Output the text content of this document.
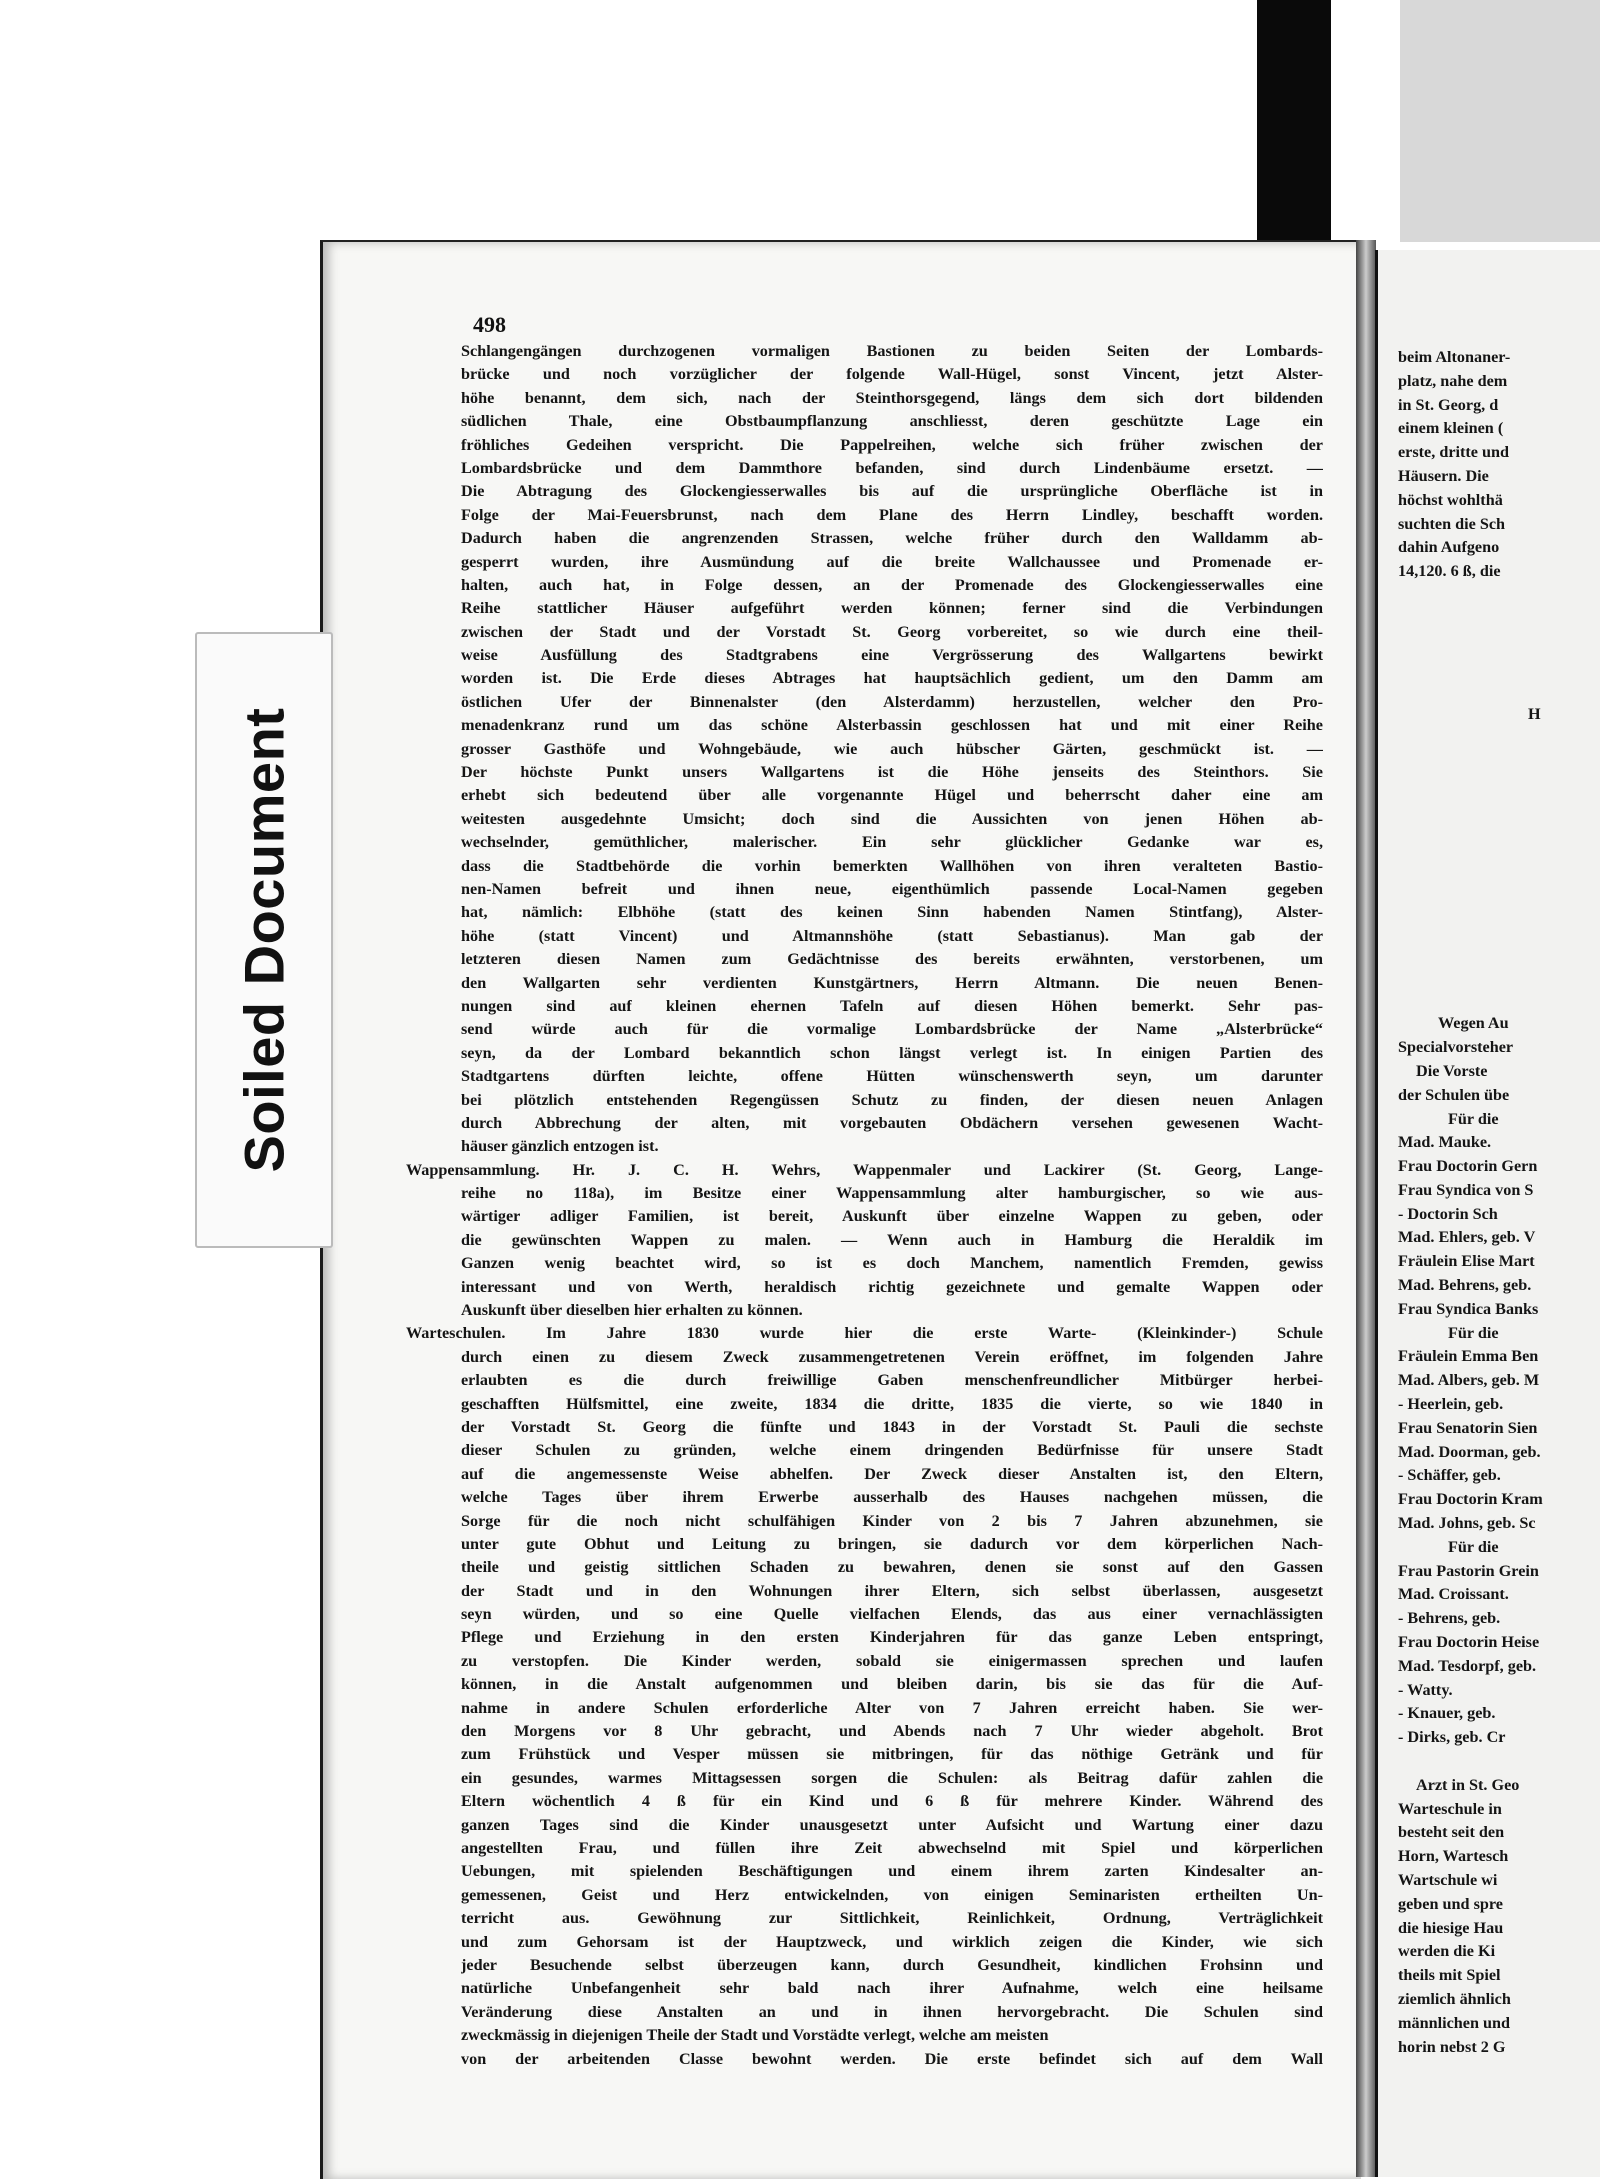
498
Schlangengängen durchzogenen vormaligen Bastionen zu beiden Seiten der Lombards-
brücke und noch vorzüglicher der folgende Wall-Hügel, sonst Vincent, jetzt Alster-
höhe benannt, dem sich, nach der Steinthorsgegend, längs dem sich dort bildenden
südlichen Thale, eine Obstbaumpflanzung anschliesst, deren geschützte Lage ein
fröhliches Gedeihen verspricht. Die Pappelreihen, welche sich früher zwischen der
Lombardsbrücke und dem Dammthore befanden, sind durch Lindenbäume ersetzt. —
Die Abtragung des Glockengiesserwalles bis auf die ursprüngliche Oberfläche ist in
Folge der Mai-Feuersbrunst, nach dem Plane des Herrn Lindley, beschafft worden.
Dadurch haben die angrenzenden Strassen, welche früher durch den Walldamm ab-
gesperrt wurden, ihre Ausmündung auf die breite Wallchaussee und Promenade er-
halten, auch hat, in Folge dessen, an der Promenade des Glockengiesserwalles eine
Reihe stattlicher Häuser aufgeführt werden können; ferner sind die Verbindungen
zwischen der Stadt und der Vorstadt St. Georg vorbereitet, so wie durch eine theil-
weise Ausfüllung des Stadtgrabens eine Vergrösserung des Wallgartens bewirkt
worden ist. Die Erde dieses Abtrages hat hauptsächlich gedient, um den Damm am
östlichen Ufer der Binnenalster (den Alsterdamm) herzustellen, welcher den Pro-
menadenkranz rund um das schöne Alsterbassin geschlossen hat und mit einer Reihe
grosser Gasthöfe und Wohngebäude, wie auch hübscher Gärten, geschmückt ist. —
Der höchste Punkt unsers Wallgartens ist die Höhe jenseits des Steinthors. Sie
erhebt sich bedeutend über alle vorgenannte Hügel und beherrscht daher eine am
weitesten ausgedehnte Umsicht; doch sind die Aussichten von jenen Höhen ab-
wechselnder, gemüthlicher, malerischer. Ein sehr glücklicher Gedanke war es,
dass die Stadtbehörde die vorhin bemerkten Wallhöhen von ihren veralteten Bastio-
nen-Namen befreit und ihnen neue, eigenthümlich passende Local-Namen gegeben
hat, nämlich: Elbhöhe (statt des keinen Sinn habenden Namen Stintfang), Alster-
höhe (statt Vincent) und Altmannshöhe (statt Sebastianus). Man gab der
letzteren diesen Namen zum Gedächtnisse des bereits erwähnten, verstorbenen, um
den Wallgarten sehr verdienten Kunstgärtners, Herrn Altmann. Die neuen Benen-
nungen sind auf kleinen ehernen Tafeln auf diesen Höhen bemerkt. Sehr pas-
send würde auch für die vormalige Lombardsbrücke der Name „Alsterbrücke“
seyn, da der Lombard bekanntlich schon längst verlegt ist. In einigen Partien des
Stadtgartens dürften leichte, offene Hütten wünschenswerth seyn, um darunter
bei plötzlich entstehenden Regengüssen Schutz zu finden, der diesen neuen Anlagen
durch Abbrechung der alten, mit vorgebauten Obdächern versehen gewesenen Wacht-
häuser gänzlich entzogen ist.
Wappensammlung. Hr. J. C. H. Wehrs, Wappenmaler und Lackirer (St. Georg, Lange-
reihe no 118a), im Besitze einer Wappensammlung alter hamburgischer, so wie aus-
wärtiger adliger Familien, ist bereit, Auskunft über einzelne Wappen zu geben, oder
die gewünschten Wappen zu malen. — Wenn auch in Hamburg die Heraldik im
Ganzen wenig beachtet wird, so ist es doch Manchem, namentlich Fremden, gewiss
interessant und von Werth, heraldisch richtig gezeichnete und gemalte Wappen oder
Auskunft über dieselben hier erhalten zu können.
Warteschulen. Im Jahre 1830 wurde hier die erste Warte- (Kleinkinder-) Schule
durch einen zu diesem Zweck zusammengetretenen Verein eröffnet, im folgenden Jahre
erlaubten es die durch freiwillige Gaben menschenfreundlicher Mitbürger herbei-
geschafften Hülfsmittel, eine zweite, 1834 die dritte, 1835 die vierte, so wie 1840 in
der Vorstadt St. Georg die fünfte und 1843 in der Vorstadt St. Pauli die sechste
dieser Schulen zu gründen, welche einem dringenden Bedürfnisse für unsere Stadt
auf die angemessenste Weise abhelfen. Der Zweck dieser Anstalten ist, den Eltern,
welche Tages über ihrem Erwerbe ausserhalb des Hauses nachgehen müssen, die
Sorge für die noch nicht schulfähigen Kinder von 2 bis 7 Jahren abzunehmen, sie
unter gute Obhut und Leitung zu bringen, sie dadurch vor dem körperlichen Nach-
theile und geistig sittlichen Schaden zu bewahren, denen sie sonst auf den Gassen
der Stadt und in den Wohnungen ihrer Eltern, sich selbst überlassen, ausgesetzt
seyn würden, und so eine Quelle vielfachen Elends, das aus einer vernachlässigten
Pflege und Erziehung in den ersten Kinderjahren für das ganze Leben entspringt,
zu verstopfen. Die Kinder werden, sobald sie einigermassen sprechen und laufen
können, in die Anstalt aufgenommen und bleiben darin, bis sie das für die Auf-
nahme in andere Schulen erforderliche Alter von 7 Jahren erreicht haben. Sie wer-
den Morgens vor 8 Uhr gebracht, und Abends nach 7 Uhr wieder abgeholt. Brot
zum Frühstück und Vesper müssen sie mitbringen, für das nöthige Getränk und für
ein gesundes, warmes Mittagsessen sorgen die Schulen: als Beitrag dafür zahlen die
Eltern wöchentlich 4 ß für ein Kind und 6 ß für mehrere Kinder. Während des
ganzen Tages sind die Kinder unausgesetzt unter Aufsicht und Wartung einer dazu
angestellten Frau, und füllen ihre Zeit abwechselnd mit Spiel und körperlichen
Uebungen, mit spielenden Beschäftigungen und einem ihrem zarten Kindesalter an-
gemessenen, Geist und Herz entwickelnden, von einigen Seminaristen ertheilten Un-
terricht aus. Gewöhnung zur Sittlichkeit, Reinlichkeit, Ordnung, Verträglichkeit
und zum Gehorsam ist der Hauptzweck, und wirklich zeigen die Kinder, wie sich
jeder Besuchende selbst überzeugen kann, durch Gesundheit, kindlichen Frohsinn und
natürliche Unbefangenheit sehr bald nach ihrer Aufnahme, welch eine heilsame
Veränderung diese Anstalten an und in ihnen hervorgebracht. Die Schulen sind
zweckmässig in diejenigen Theile der Stadt und Vorstädte verlegt, welche am meisten
von der arbeitenden Classe bewohnt werden. Die erste befindet sich auf dem Wall
beim Altonaner-
platz, nahe dem
in St. Georg, d
einem kleinen (
erste, dritte und
Häusern. Die
höchst wohlthä
suchten die Sch
dahin Aufgeno
14,120. 6 ß, die
H
Wegen Au
Specialvorsteher
Die Vorste
der Schulen übe
Für die
Mad. Mauke.
Frau Doctorin Gern
Frau Syndica von S
- Doctorin Sch
Mad. Ehlers, geb. V
Fräulein Elise Mart
Mad. Behrens, geb.
Frau Syndica Banks
Für die
Fräulein Emma Ben
Mad. Albers, geb. M
- Heerlein, geb.
Frau Senatorin Sien
Mad. Doorman, geb.
- Schäffer, geb.
Frau Doctorin Kram
Mad. Johns, geb. Sc
Für die
Frau Pastorin Grein
Mad. Croissant.
- Behrens, geb.
Frau Doctorin Heise
Mad. Tesdorpf, geb.
- Watty.
- Knauer, geb.
- Dirks, geb. Cr
Arzt in St. Geo
Warteschule in
besteht seit den
Horn, Wartesch
Wartschule wi
geben und spre
die hiesige Hau
werden die Ki
theils mit Spiel
ziemlich ähnlich
männlichen und
horin nebst 2 G
Soiled Document
